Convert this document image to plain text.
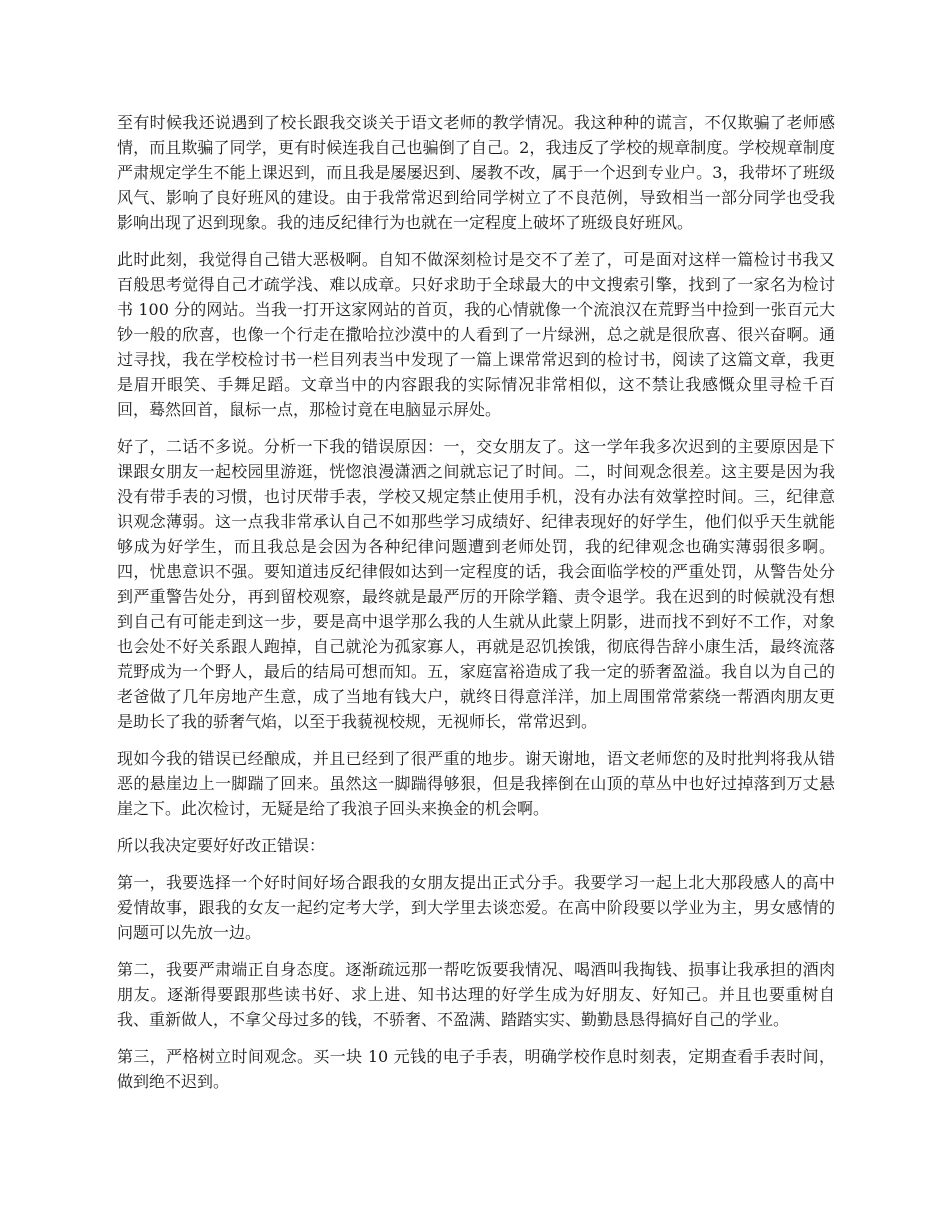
至有时候我还说遇到了校长跟我交谈关于语文老师的教学情况。我这种种的谎言，不仅欺骗了老师感情，而且欺骗了同学，更有时候连我自己也骗倒了自己。2，我违反了学校的规章制度。学校规章制度严肃规定学生不能上课迟到，而且我是屡屡迟到、屡教不改，属于一个迟到专业户。3，我带坏了班级风气、影响了良好班风的建设。由于我常常迟到给同学树立了不良范例，导致相当一部分同学也受我影响出现了迟到现象。我的违反纪律行为也就在一定程度上破坏了班级良好班风。

此时此刻，我觉得自己错大恶极啊。自知不做深刻检讨是交不了差了，可是面对这样一篇检讨书我又百般思考觉得自己才疏学浅、难以成章。只好求助于全球最大的中文搜索引擎，找到了一家名为检讨书 100 分的网站。当我一打开这家网站的首页，我的心情就像一个流浪汉在荒野当中捡到一张百元大钞一般的欣喜，也像一个行走在撒哈拉沙漠中的人看到了一片绿洲，总之就是很欣喜、很兴奋啊。通过寻找，我在学校检讨书一栏目列表当中发现了一篇上课常常迟到的检讨书，阅读了这篇文章，我更是眉开眼笑、手舞足蹈。文章当中的内容跟我的实际情况非常相似，这不禁让我感慨众里寻检千百回，蓦然回首，鼠标一点，那检讨竟在电脑显示屏处。

好了，二话不多说。分析一下我的错误原因：一，交女朋友了。这一学年我多次迟到的主要原因是下课跟女朋友一起校园里游逛，恍惚浪漫潇洒之间就忘记了时间。二，时间观念很差。这主要是因为我没有带手表的习惯，也讨厌带手表，学校又规定禁止使用手机，没有办法有效掌控时间。三，纪律意识观念薄弱。这一点我非常承认自己不如那些学习成绩好、纪律表现好的好学生，他们似乎天生就能够成为好学生，而且我总是会因为各种纪律问题遭到老师处罚，我的纪律观念也确实薄弱很多啊。四，忧患意识不强。要知道违反纪律假如达到一定程度的话，我会面临学校的严重处罚，从警告处分到严重警告处分，再到留校观察，最终就是最严厉的开除学籍、责令退学。我在迟到的时候就没有想到自己有可能走到这一步，要是高中退学那么我的人生就从此蒙上阴影，进而找不到好不工作，对象也会处不好关系跟人跑掉，自己就沦为孤家寡人，再就是忍饥挨饿，彻底得告辞小康生活，最终流落荒野成为一个野人，最后的结局可想而知。五，家庭富裕造成了我一定的骄奢盈溢。我自以为自己的老爸做了几年房地产生意，成了当地有钱大户，就终日得意洋洋，加上周围常常萦绕一帮酒肉朋友更是助长了我的骄奢气焰，以至于我藐视校规，无视师长，常常迟到。

现如今我的错误已经酿成，并且已经到了很严重的地步。谢天谢地，语文老师您的及时批判将我从错恶的悬崖边上一脚踹了回来。虽然这一脚踹得够狠，但是我摔倒在山顶的草丛中也好过掉落到万丈悬崖之下。此次检讨，无疑是给了我浪子回头来换金的机会啊。

所以我决定要好好改正错误：

第一，我要选择一个好时间好场合跟我的女朋友提出正式分手。我要学习一起上北大那段感人的高中爱情故事，跟我的女友一起约定考大学，到大学里去谈恋爱。在高中阶段要以学业为主，男女感情的问题可以先放一边。

第二，我要严肃端正自身态度。逐渐疏远那一帮吃饭要我情况、喝酒叫我掏钱、损事让我承担的酒肉朋友。逐渐得要跟那些读书好、求上进、知书达理的好学生成为好朋友、好知己。并且也要重树自我、重新做人，不拿父母过多的钱，不骄奢、不盈满、踏踏实实、勤勤恳恳得搞好自己的学业。

第三，严格树立时间观念。买一块 10 元钱的电子手表，明确学校作息时刻表，定期查看手表时间，做到绝不迟到。
